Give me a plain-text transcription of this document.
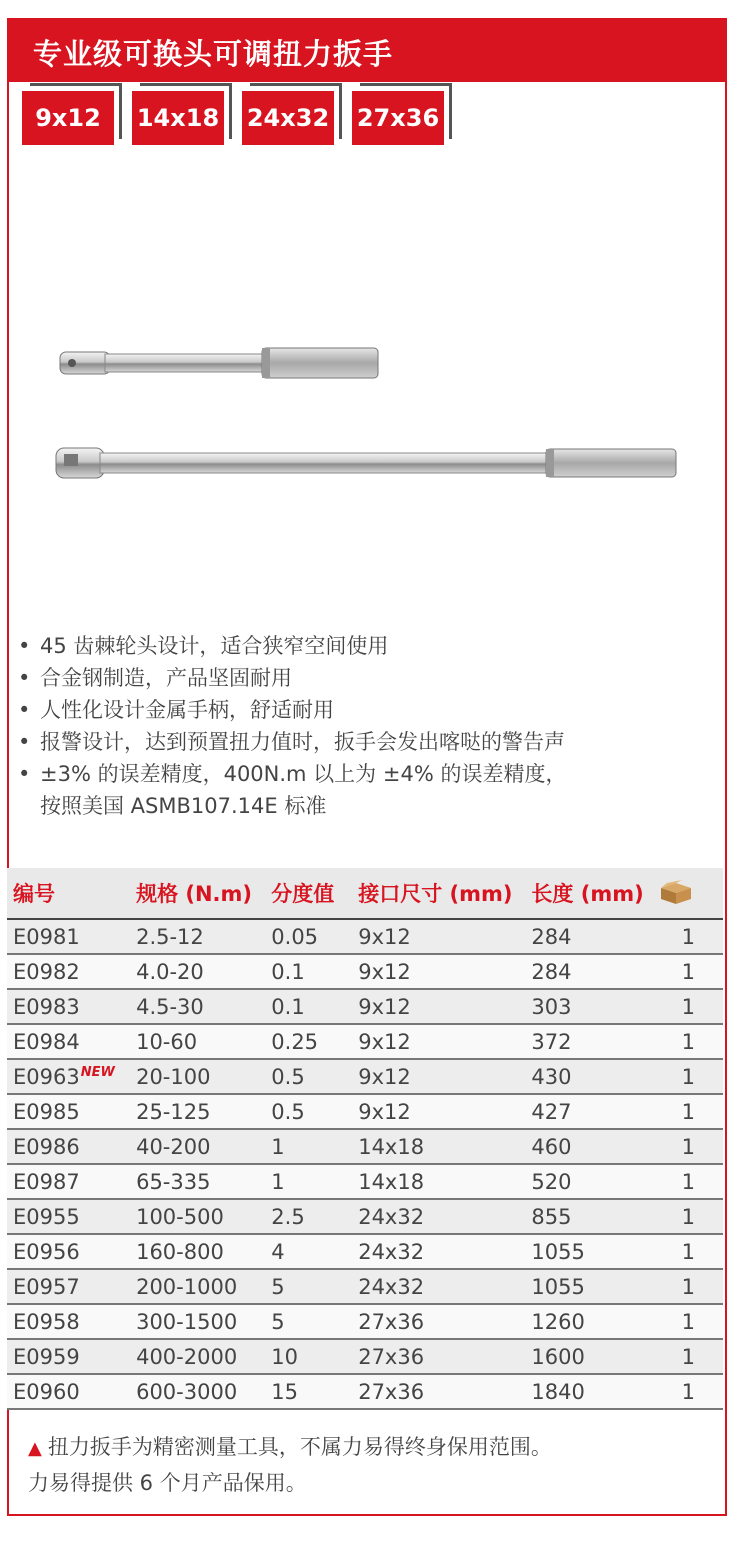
专业级可换头可调扭力扳手
9x12	14x18 24x32 27x36
• 45 齿棘轮头设计，适合狭窄空间使用
• 合金钢制造，产品坚固耐用
• 人性化设计金属手柄，舒适耐用
• 报警设计，达到预置扭力值时，扳手会发出喀哒的警告声
• ±3% 的误差精度，400N.m 以上为 ±4% 的误差精度，
按照美国 ASMB107.14E 标准
编号	规格 (N.m)	分度值	接口尺寸 (mm)	长度 (mm)	
E0981	2.5-12	0.05	9x12	284	1
E0982	4.0-20	0.1	9x12	284	1
E0983	4.5-30	0.1	9x12	303	1
E0984	10-60	0.25	9x12	372	1
$E0963^{NEW}$	20-100	0.5	9x12	430	1
E0985	25-125	0.5	9x12	427	1
E0986	40-200	1	14x18	460	1
E0987	65-335	1	14x18	520	1
E0955	100-500	2.5	24x32	855	1
E0956	160-800	4	24x32	1055	1
E0957	200-1000	5	24x32	1055	1
E0958	300-1500	5	27x36	1260	1
E0959	400-2000	10	27x36	1600	1
E0960	600-3000	15	27x36	1840	1
▲ 扭力扳手为精密测量工具，不属力易得终身保用范围。
力易得提供 6 个月产品保用。
